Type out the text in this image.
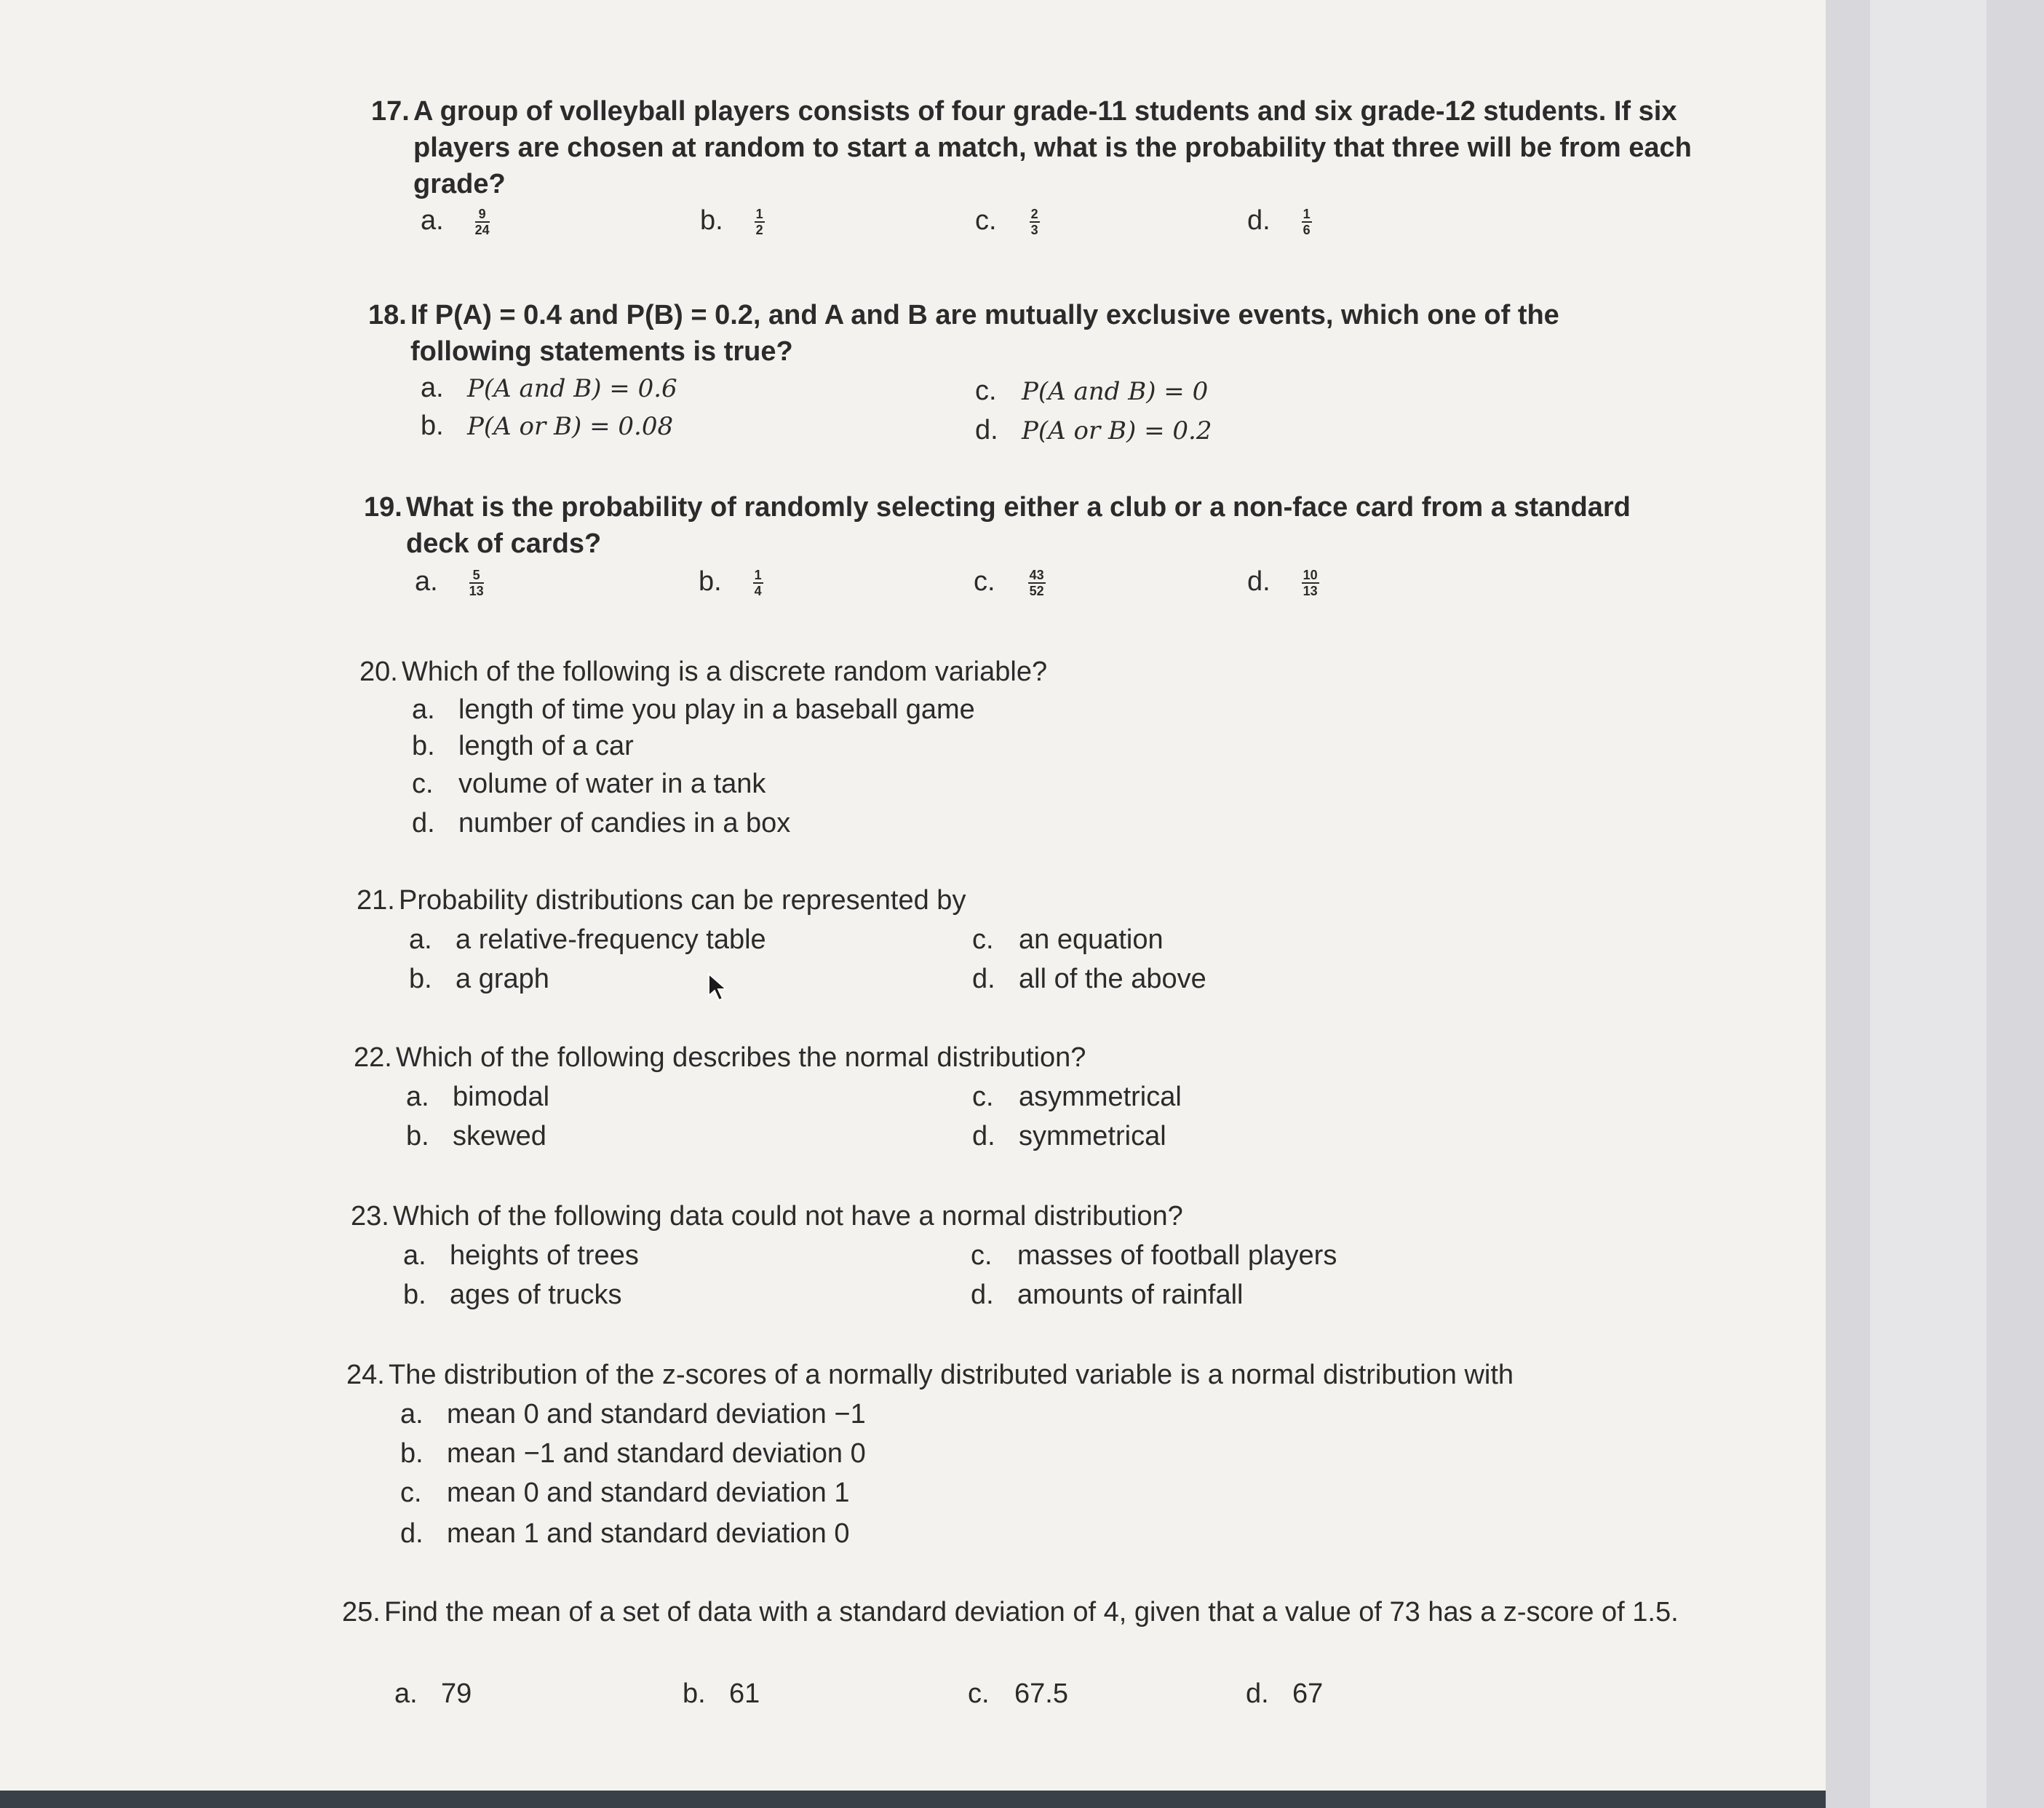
17. A group of volleyball players consists of four grade-11 students and six grade-12 students. If six players are chosen at random to start a match, what is the probability that three will be from each grade?
a. $\frac{9}{24}$	b. $\frac{1}{2}$	c.	$\frac{2}{3}$	d. $\frac{1}{6}$
18. If P(A) = 0.4 and P(B) = 0.2, and A and B are mutually exclusive events, which one of the following statements is true?
a. P(A and B) = 0.6
b. P(A or B) = 0.08
c. P(A and B) = 0
d. P(A or B) = 0.2
19. What is the probability of randomly selecting either a club or a non-face card from a standard deck of cards?
a. $\frac{5}{13}$	b. $\frac{1}{4}$	c.	$\frac{43}{52}$	d. $\frac{10}{13}$
20. Which of the following is a discrete random variable?
a. length of time you play in a baseball game
b. length of a car
c. volume of water in a tank
d. number of candies in a box
21. Probability distributions can be represented by
a. a relative-frequency table
b. a graph
c. an equation
d. all of the above
22. Which of the following describes the normal distribution?
a. bimodal
b. skewed
c. asymmetrical
d. symmetrical
23. Which of the following data could not have a normal distribution?
a. heights of trees
b. ages of trucks
c. masses of football players
d. amounts of rainfall
24. The distribution of the z-scores of a normally distributed variable is a normal distribution with
a. mean 0 and standard deviation −1
b. mean −1 and standard deviation 0
c. mean 0 and standard deviation 1
d. mean 1 and standard deviation 0
25. Find the mean of a set of data with a standard deviation of 4, given that a value of 73 has a z-score of 1.5.
a. 79	b. 61	c. 67.5	d. 67
